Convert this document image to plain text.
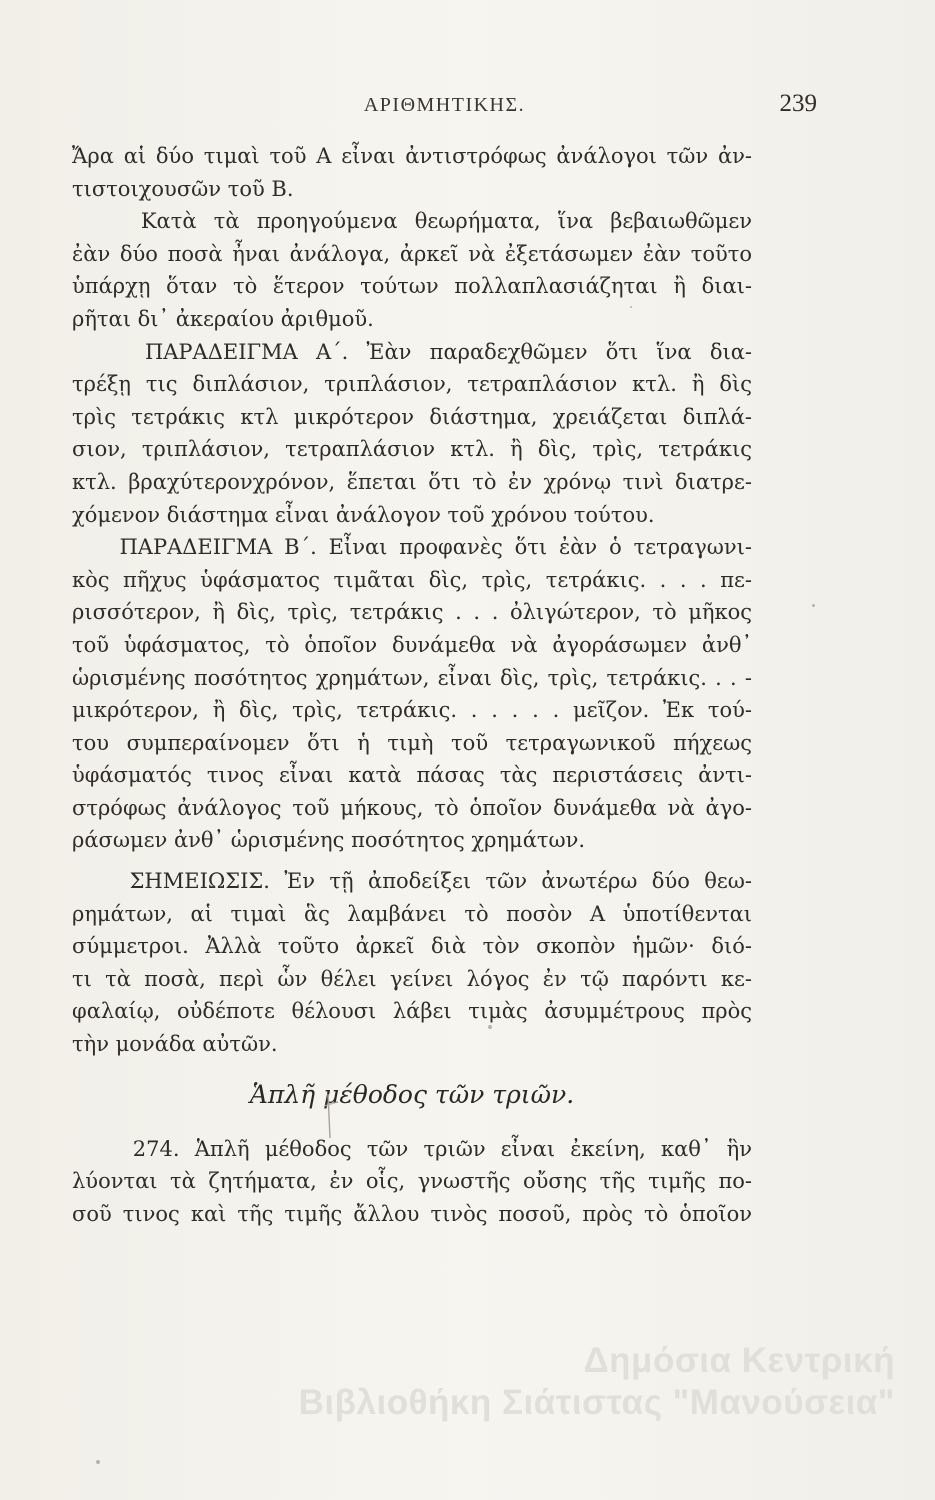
ΑΡΙΘΜΗΤΙΚΗΣ.	239
Ἄρα αἱ δύο τιμαὶ τοῦ Α εἶναι ἀντιστρόφως ἀνάλογοι τῶν ἀν-
τιστοιχουσῶν τοῦ Β.
Κατὰ τὰ προηγούμενα θεωρήματα, ἵνα βεβαιωθῶμεν
ἐὰν δύο ποσὰ ἦναι ἀνάλογα, ἀρκεῖ νὰ ἐξετάσωμεν ἐὰν τοῦτο
ὑπάρχῃ ὅταν τὸ ἕτερον τούτων πολλαπλασιάζηται ἢ διαι-
ρῆται δι᾿ ἀκεραίου ἀριθμοῦ.
ΠΑΡΑΔΕΙΓΜΑ Α΄. Ἐὰν παραδεχθῶμεν ὅτι ἵνα δια-
τρέξῃ τις διπλάσιον, τριπλάσιον, τετραπλάσιον κτλ. ἢ δὶς
τρὶς τετράκις κτλ μικρότερον διάστημα, χρειάζεται διπλά-
σιον, τριπλάσιον, τετραπλάσιον κτλ. ἢ δὶς, τρὶς, τετράκις
κτλ. βραχύτερονχρόνον, ἕπεται ὅτι τὸ ἐν χρόνῳ τινὶ διατρε-
χόμενον διάστημα εἶναι ἀνάλογον τοῦ χρόνου τούτου.
ΠΑΡΑΔΕΙΓΜΑ Β΄. Εἶναι προφανὲς ὅτι ἐὰν ὁ τετραγωνι-
κὸς πῆχυς ὑφάσματος τιμᾶται δὶς, τρὶς, τετράκις. . . . πε-
ρισσότερον, ἢ δὶς, τρὶς, τετράκις . . . ὀλιγώτερον, τὸ μῆκος
τοῦ ὑφάσματος, τὸ ὁποῖον δυνάμεθα νὰ ἀγοράσωμεν ἀνθ᾿
ὡρισμένης ποσότητος χρημάτων, εἶναι δὶς, τρὶς, τετράκις. . . -
μικρότερον, ἢ δὶς, τρὶς, τετράκις. . . . . . μεῖζον. Ἐκ τού-
του συμπεραίνομεν ὅτι ἡ τιμὴ τοῦ τετραγωνικοῦ πήχεως
ὑφάσματός τινος εἶναι κατὰ πάσας τὰς περιστάσεις ἀντι-
στρόφως ἀνάλογος τοῦ μήκους, τὸ ὁποῖον δυνάμεθα νὰ ἀγο-
ράσωμεν ἀνθ᾿ ὡρισμένης ποσότητος χρημάτων.
ΣΗΜΕΙΩΣΙΣ. Ἐν τῇ ἀποδείξει τῶν ἀνωτέρω δύο θεω-
ρημάτων, αἱ τιμαὶ ἃς λαμβάνει τὸ ποσὸν Α ὑποτίθενται
σύμμετροι. Ἀλλὰ τοῦτο ἀρκεῖ διὰ τὸν σκοπὸν ἡμῶν· διό-
τι τὰ ποσὰ, περὶ ὧν θέλει γείνει λόγος ἐν τῷ παρόντι κε-
φαλαίῳ, οὐδέποτε θέλουσι λάβει τιμὰς ἀσυμμέτρους πρὸς
τὴν μονάδα αὐτῶν.
Ἁπλῆ μέθοδος τῶν τριῶν.
274. Ἁπλῆ μέθοδος τῶν τριῶν εἶναι ἐκείνη, καθ᾿ ἣν
λύονται τὰ ζητήματα, ἐν οἷς, γνωστῆς οὔσης τῆς τιμῆς πο-
σοῦ τινος καὶ τῆς τιμῆς ἄλλου τινὸς ποσοῦ, πρὸς τὸ ὁποῖον
Δημόσια Κεντρική
Βιβλιοθήκη Σιάτιστας "Μανούσεια"
